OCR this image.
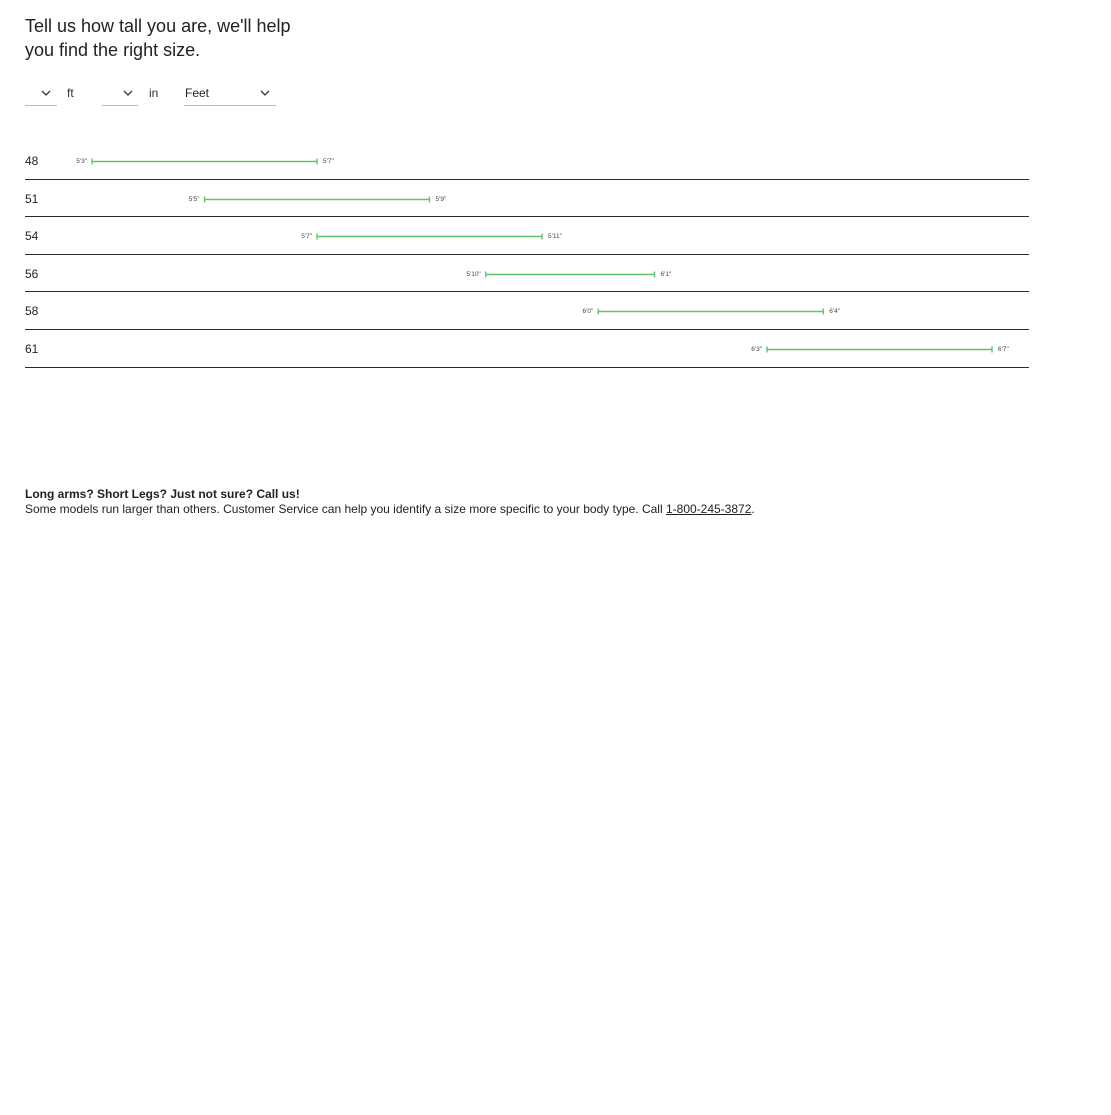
Tell us how tall you are, we'll help
you find the right size.
ft	in Feet
48	5'3"	5'7"
51	5'5"	5'9"
54	5'7"	5'11"
56	5'10"	6'1"
58	6'0"	6'4"
61	6'3"	6'7"
Long arms? Short Legs? Just not sure? Call us!
Some models run larger than others. Customer Service can help you identify a size more specific to your body type. Call 1-800-245-3872.
